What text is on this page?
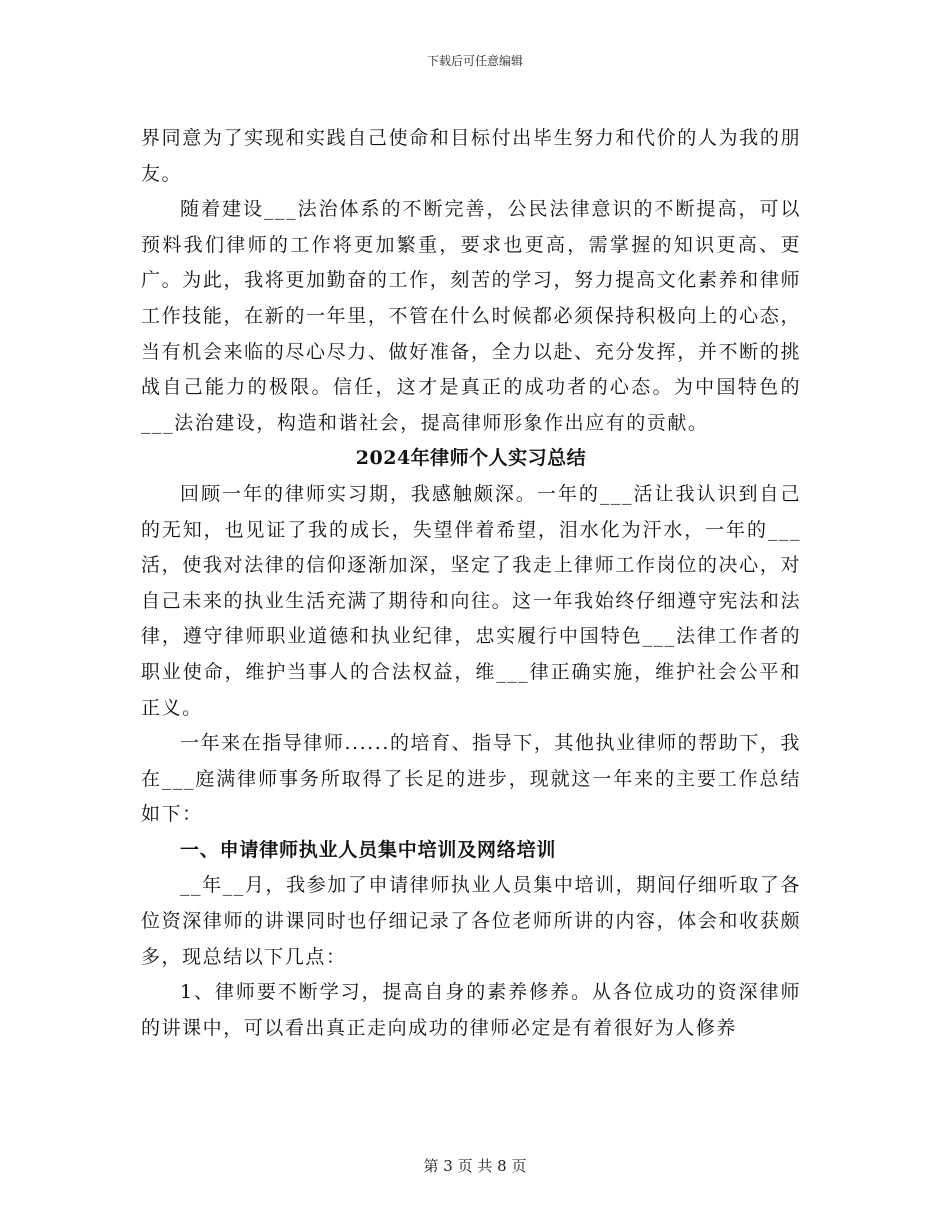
下载后可任意编辑

界同意为了实现和实践自己使命和目标付出毕生努力和代价的人为我的朋友。

随着建设___法治体系的不断完善，公民法律意识的不断提高，可以预料我们律师的工作将更加繁重，要求也更高，需掌握的知识更高、更广。为此，我将更加勤奋的工作，刻苦的学习，努力提高文化素养和律师工作技能，在新的一年里，不管在什么时候都必须保持积极向上的心态，当有机会来临的尽心尽力、做好准备，全力以赴、充分发挥，并不断的挑战自己能力的极限。信任，这才是真正的成功者的心态。为中国特色的___法治建设，构造和谐社会，提高律师形象作出应有的贡献。

2024年律师个人实习总结

回顾一年的律师实习期，我感触颇深。一年的___活让我认识到自己的无知，也见证了我的成长，失望伴着希望，泪水化为汗水，一年的___活，使我对法律的信仰逐渐加深，坚定了我走上律师工作岗位的决心，对自己未来的执业生活充满了期待和向往。这一年我始终仔细遵守宪法和法律，遵守律师职业道德和执业纪律，忠实履行中国特色___法律工作者的职业使命，维护当事人的合法权益，维___律正确实施，维护社会公平和正义。

一年来在指导律师......的培育、指导下，其他执业律师的帮助下，我在___庭满律师事务所取得了长足的进步，现就这一年来的主要工作总结如下：

一、申请律师执业人员集中培训及网络培训

__年__月，我参加了申请律师执业人员集中培训，期间仔细听取了各位资深律师的讲课同时也仔细记录了各位老师所讲的内容，体会和收获颇多，现总结以下几点：

1、律师要不断学习，提高自身的素养修养。从各位成功的资深律师的讲课中，可以看出真正走向成功的律师必定是有着很好为人修养

第 3 页 共 8 页
